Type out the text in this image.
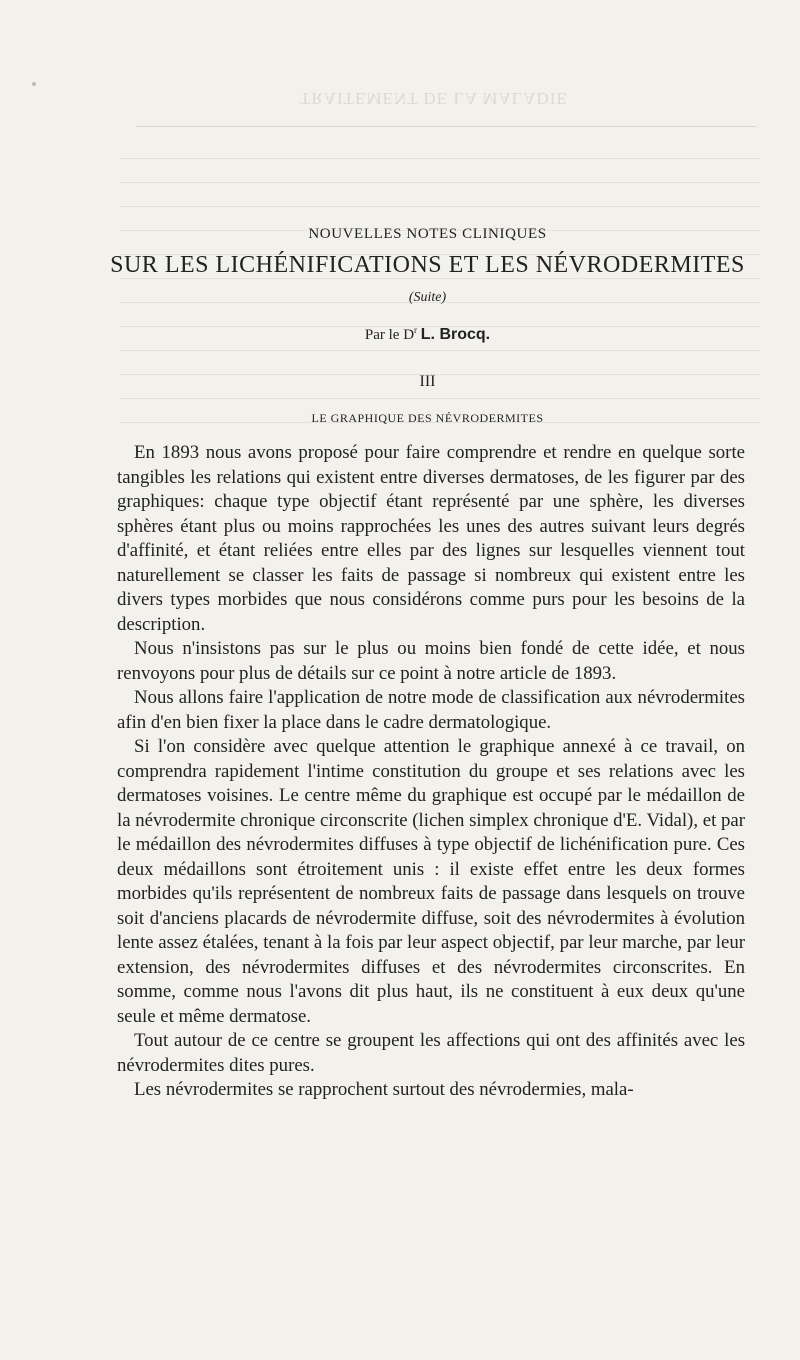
TRAITEMENT DE LA MALADIE
NOUVELLES NOTES CLINIQUES
SUR LES LICHÉNIFICATIONS ET LES NÉVRODERMITES
(Suite)
Par le $D^r$ L. Brocq.
III
LE GRAPHIQUE DES NÉVRODERMITES

En 1893 nous avons proposé pour faire comprendre et rendre en quelque sorte tangibles les relations qui existent entre diverses dermatoses, de les figurer par des graphiques: chaque type objectif étant représenté par une sphère, les diverses sphères étant plus ou moins rapprochées les unes des autres suivant leurs degrés d'affinité, et étant reliées entre elles par des lignes sur lesquelles viennent tout naturellement se classer les faits de passage si nombreux qui existent entre les divers types morbides que nous considérons comme purs pour les besoins de la description.

Nous n'insistons pas sur le plus ou moins bien fondé de cette idée, et nous renvoyons pour plus de détails sur ce point à notre article de 1893.

Nous allons faire l'application de notre mode de classification aux névrodermites afin d'en bien fixer la place dans le cadre dermatologique.

Si l'on considère avec quelque attention le graphique annexé à ce travail, on comprendra rapidement l'intime constitution du groupe et ses relations avec les dermatoses voisines. Le centre même du graphique est occupé par le médaillon de la névrodermite chronique circonscrite (lichen simplex chronique d'E. Vidal), et par le médaillon des névrodermites diffuses à type objectif de lichénification pure. Ces deux médaillons sont étroitement unis : il existe effet entre les deux formes morbides qu'ils représentent de nombreux faits de passage dans lesquels on trouve soit d'anciens placards de névrodermite diffuse, soit des névrodermites à évolution lente assez étalées, tenant à la fois par leur aspect objectif, par leur marche, par leur extension, des névrodermites diffuses et des névrodermites circonscrites. En somme, comme nous l'avons dit plus haut, ils ne constituent à eux deux qu'une seule et même dermatose.

Tout autour de ce centre se groupent les affections qui ont des affinités avec les névrodermites dites pures.

Les névrodermites se rapprochent surtout des névrodermies, mala-
